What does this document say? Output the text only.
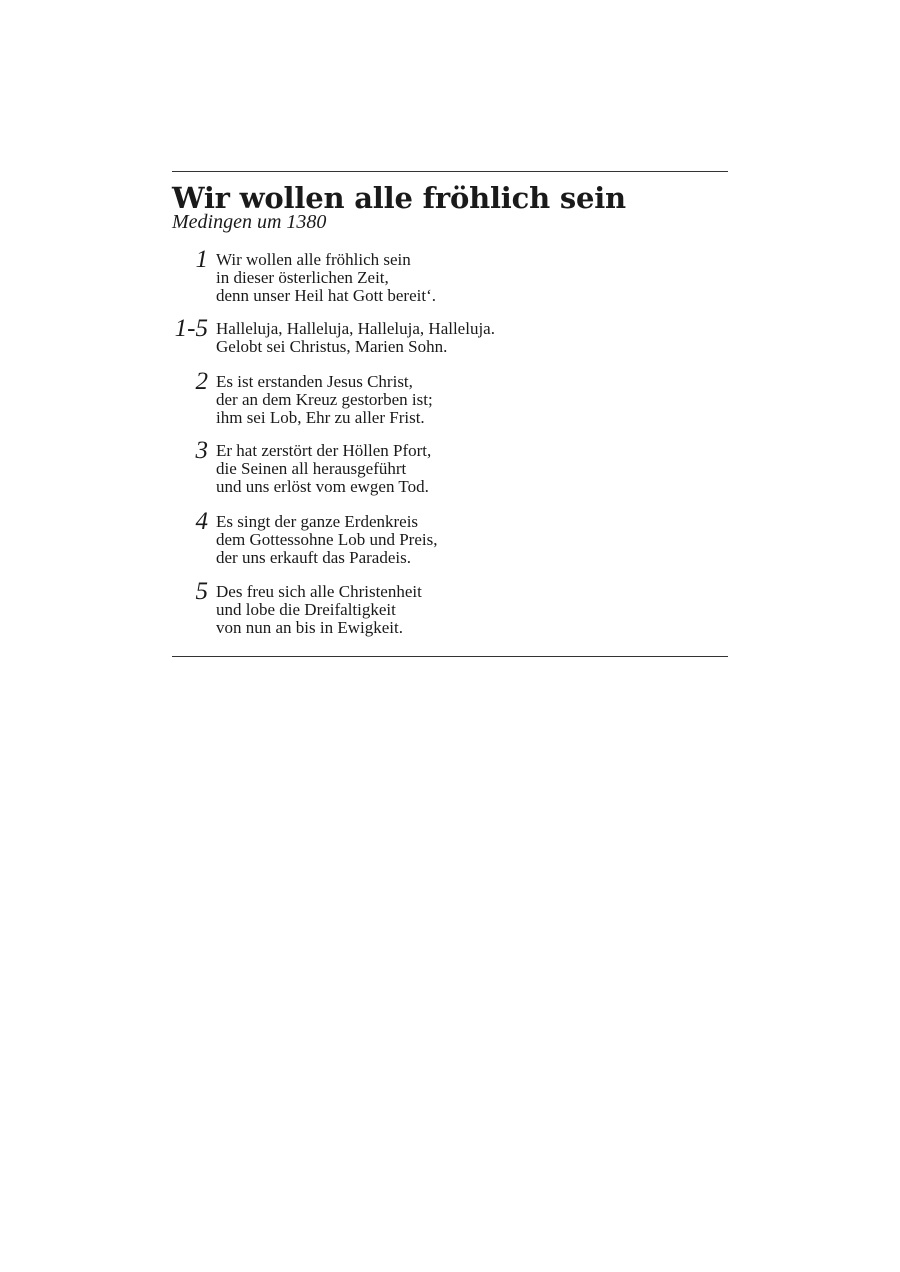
Wir wollen alle fröhlich sein

Medingen um 1380

1 Wir wollen alle fröhlich sein
in dieser österlichen Zeit,
denn unser Heil hat Gott bereit‘.
1-5 Halleluja, Halleluja, Halleluja, Halleluja.
Gelobt sei Christus, Marien Sohn.
2 Es ist erstanden Jesus Christ,
der an dem Kreuz gestorben ist;
ihm sei Lob, Ehr zu aller Frist.
3 Er hat zerstört der Höllen Pfort,
die Seinen all herausgeführt
und uns erlöst vom ewgen Tod.
4 Es singt der ganze Erdenkreis
dem Gottessohne Lob und Preis,
der uns erkauft das Paradeis.
5 Des freu sich alle Christenheit
und lobe die Dreifaltigkeit
von nun an bis in Ewigkeit.
